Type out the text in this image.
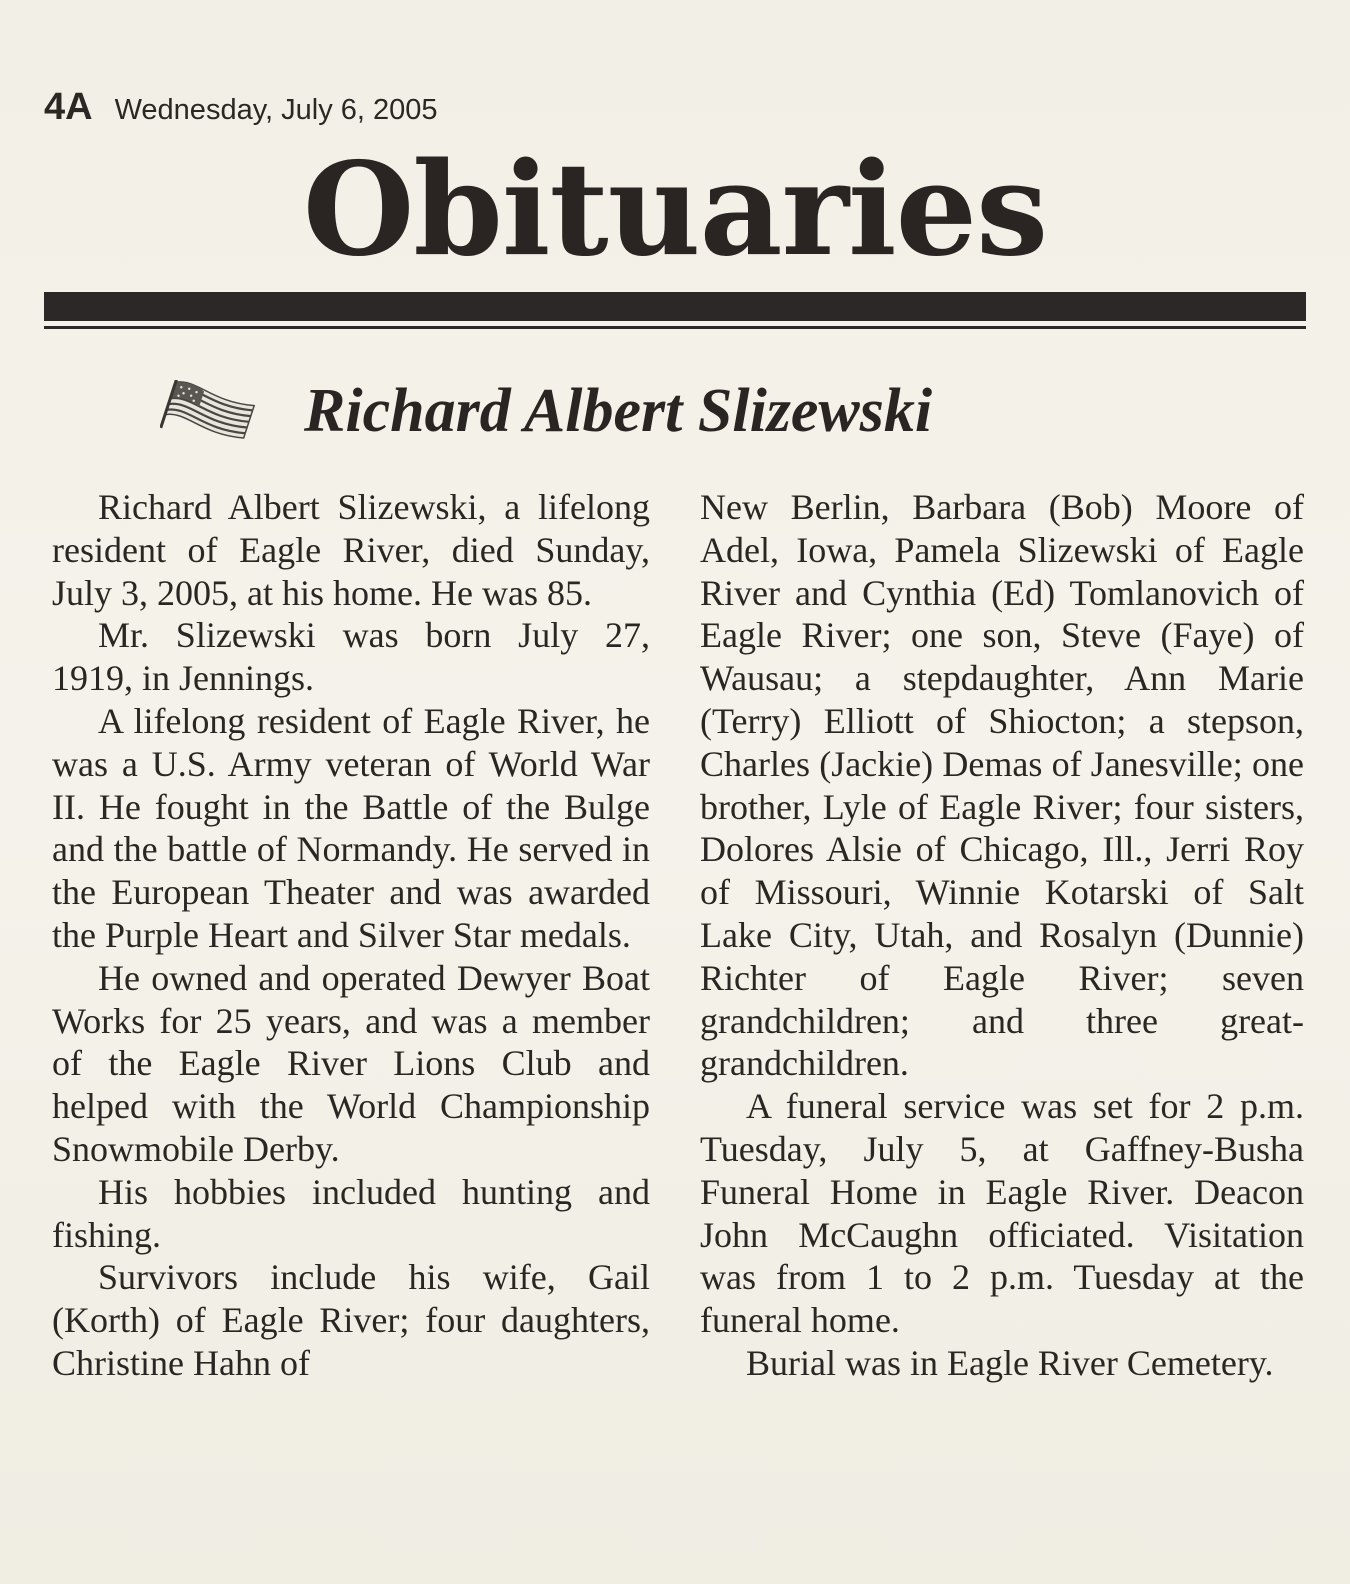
4A Wednesday, July 6, 2005
Obituaries
Richard Albert Slizewski

Richard Albert Slizewski, a lifelong resident of Eagle River, died Sunday, July 3, 2005, at his home. He was 85.

Mr. Slizewski was born July 27, 1919, in Jennings.

A lifelong resident of Eagle River, he was a U.S. Army veteran of World War II. He fought in the Battle of the Bulge and the battle of Normandy. He served in the European Theater and was awarded the Purple Heart and Silver Star medals.

He owned and operated Dewyer Boat Works for 25 years, and was a member of the Eagle River Lions Club and helped with the World Championship Snowmobile Derby.

His hobbies included hunting and fishing.

Survivors include his wife, Gail (Korth) of Eagle River; four daughters, Christine Hahn of

New Berlin, Barbara (Bob) Moore of Adel, Iowa, Pamela Slizewski of Eagle River and Cynthia (Ed) Tomlanovich of Eagle River; one son, Steve (Faye) of Wausau; a stepdaughter, Ann Marie (Terry) Elliott of Shiocton; a stepson, Charles (Jackie) Demas of Janesville; one brother, Lyle of Eagle River; four sisters, Dolores Alsie of Chicago, Ill., Jerri Roy of Missouri, Winnie Kotarski of Salt Lake City, Utah, and Rosalyn (Dunnie) Richter of Eagle River; seven grandchildren; and three great-grandchildren.

A funeral service was set for 2 p.m. Tuesday, July 5, at Gaffney-Busha Funeral Home in Eagle River. Deacon John McCaughn officiated. Visitation was from 1 to 2 p.m. Tuesday at the funeral home.

Burial was in Eagle River Cemetery.
